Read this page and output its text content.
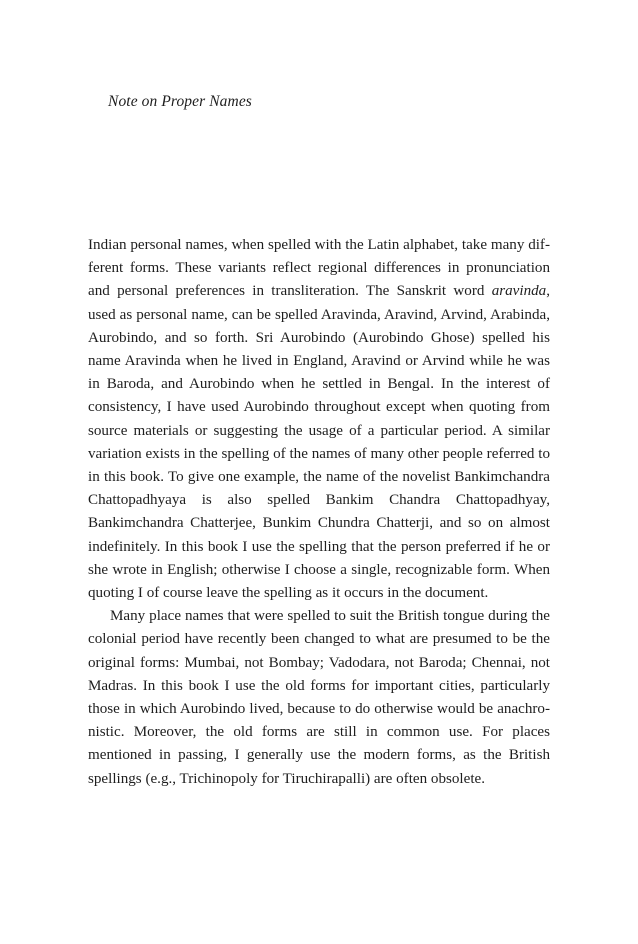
Note on Proper Names

Indian personal names, when spelled with the Latin alphabet, take many different forms. These variants reflect regional differences in pronunciation and personal preferences in transliteration. The Sanskrit word aravinda, used as personal name, can be spelled Aravinda, Aravind, Arvind, Arabinda, Aurobindo, and so forth. Sri Aurobindo (Aurobindo Ghose) spelled his name Aravinda when he lived in England, Aravind or Arvind while he was in Baroda, and Aurobindo when he settled in Bengal. In the interest of consistency, I have used Aurobindo throughout except when quoting from source materials or suggesting the usage of a particular period. A similar variation exists in the spelling of the names of many other people referred to in this book. To give one example, the name of the novelist Bankimchandra Chattopadhyaya is also spelled Bankim Chandra Chattopadhyay, Bankimchandra Chatterjee, Bunkim Chundra Chatterji, and so on almost indefinitely. In this book I use the spelling that the person preferred if he or she wrote in English; otherwise I choose a single, recognizable form. When quoting I of course leave the spelling as it occurs in the document.

Many place names that were spelled to suit the British tongue during the colonial period have recently been changed to what are presumed to be the original forms: Mumbai, not Bombay; Vadodara, not Baroda; Chennai, not Madras. In this book I use the old forms for important cities, particularly those in which Aurobindo lived, because to do otherwise would be anachronistic. Moreover, the old forms are still in common use. For places mentioned in passing, I generally use the modern forms, as the British spellings (e.g., Trichinopoly for Tiruchirapalli) are often obsolete.
